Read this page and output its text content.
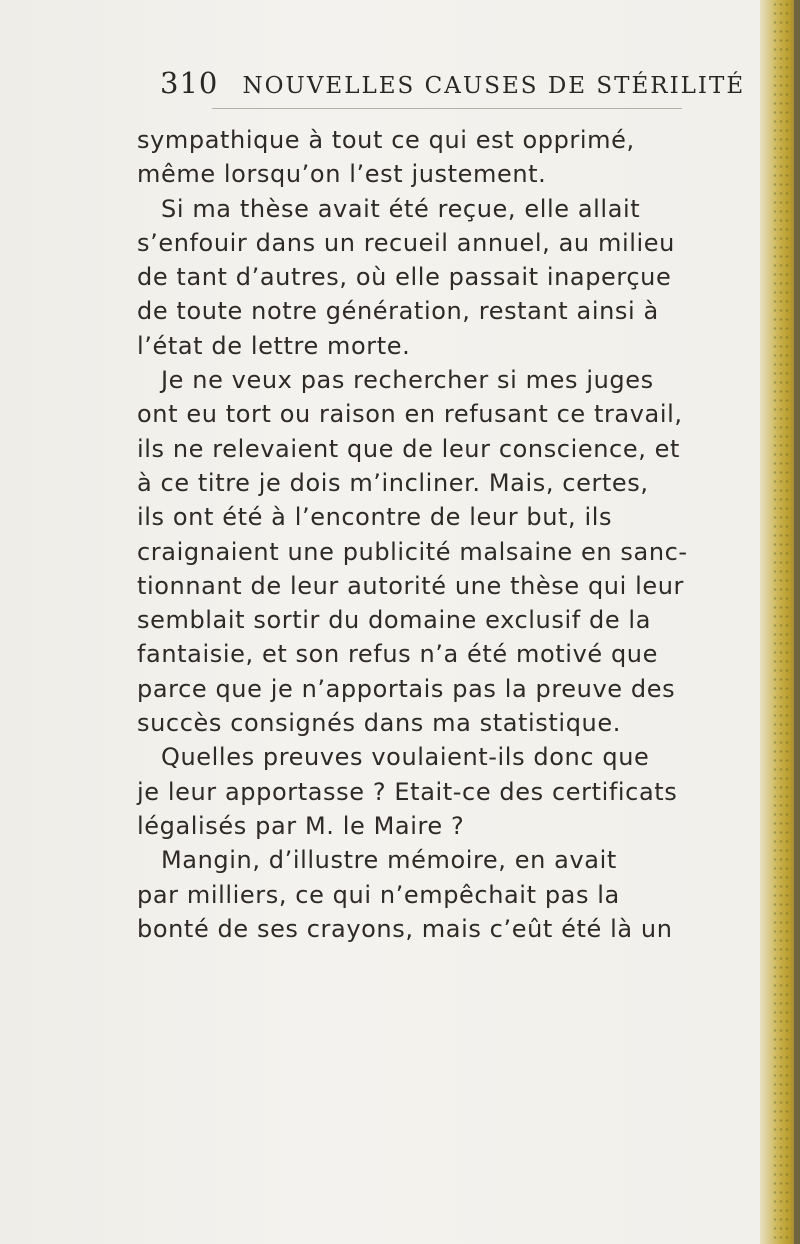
310 NOUVELLES CAUSES DE STÉRILITÉ
sympathique à tout ce qui est opprimé,
même lorsqu’on l’est justement.
Si ma thèse avait été reçue, elle allait
s’enfouir dans un recueil annuel, au milieu
de tant d’autres, où elle passait inaperçue
de toute notre génération, restant ainsi à
l’état de lettre morte.
Je ne veux pas rechercher si mes juges
ont eu tort ou raison en refusant ce travail,
ils ne relevaient que de leur conscience, et
à ce titre je dois m’incliner. Mais, certes,
ils ont été à l’encontre de leur but, ils
craignaient une publicité malsaine en sanc-
tionnant de leur autorité une thèse qui leur
semblait sortir du domaine exclusif de la
fantaisie, et son refus n’a été motivé que
parce que je n’apportais pas la preuve des
succès consignés dans ma statistique.
Quelles preuves voulaient-ils donc que
je leur apportasse ? Etait-ce des certificats
légalisés par M. le Maire ?
Mangin, d’illustre mémoire, en avait
par milliers, ce qui n’empêchait pas la
bonté de ses crayons, mais c’eût été là un
